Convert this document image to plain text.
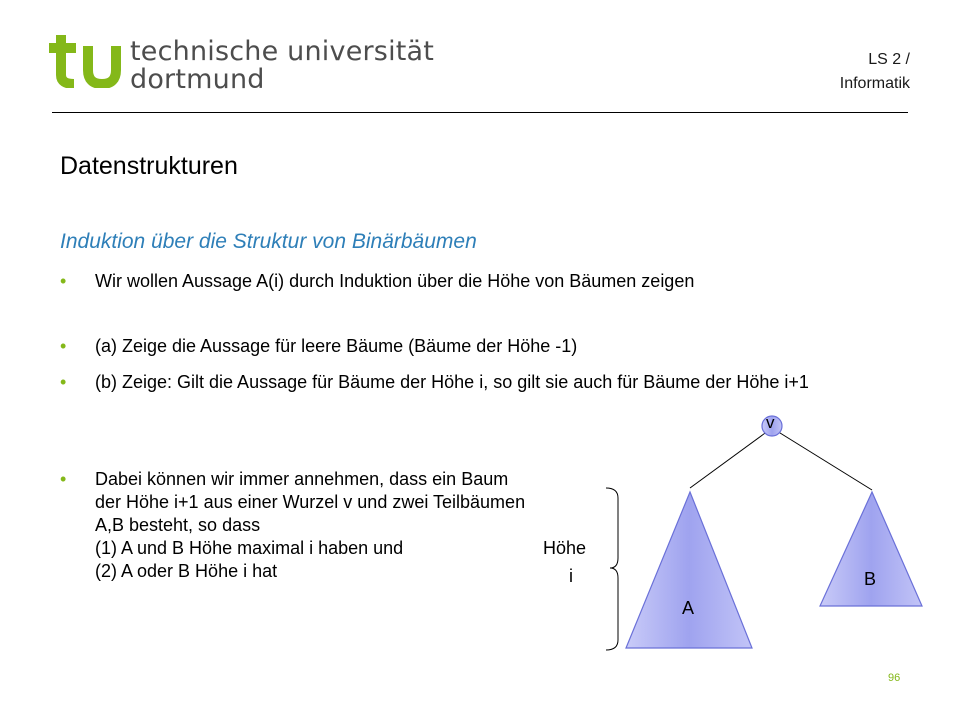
technische universität
dortmund
LS 2 /
Informatik
Datenstrukturen
Induktion über die Struktur von Binärbäumen
• Wir wollen Aussage A(i) durch Induktion über die Höhe von Bäumen zeigen
• (a) Zeige die Aussage für leere Bäume (Bäume der Höhe -1)
• (b) Zeige: Gilt die Aussage für Bäume der Höhe i, so gilt sie auch für Bäume der Höhe i+1
• Dabei können wir immer annehmen, dass ein Baum der Höhe i+1 aus einer Wurzel v und zwei Teilbäumen A,B besteht, so dass
(1) A und B Höhe maximal i haben und
(2) A oder B Höhe i hat
v
A
B
Höhe
i
96
